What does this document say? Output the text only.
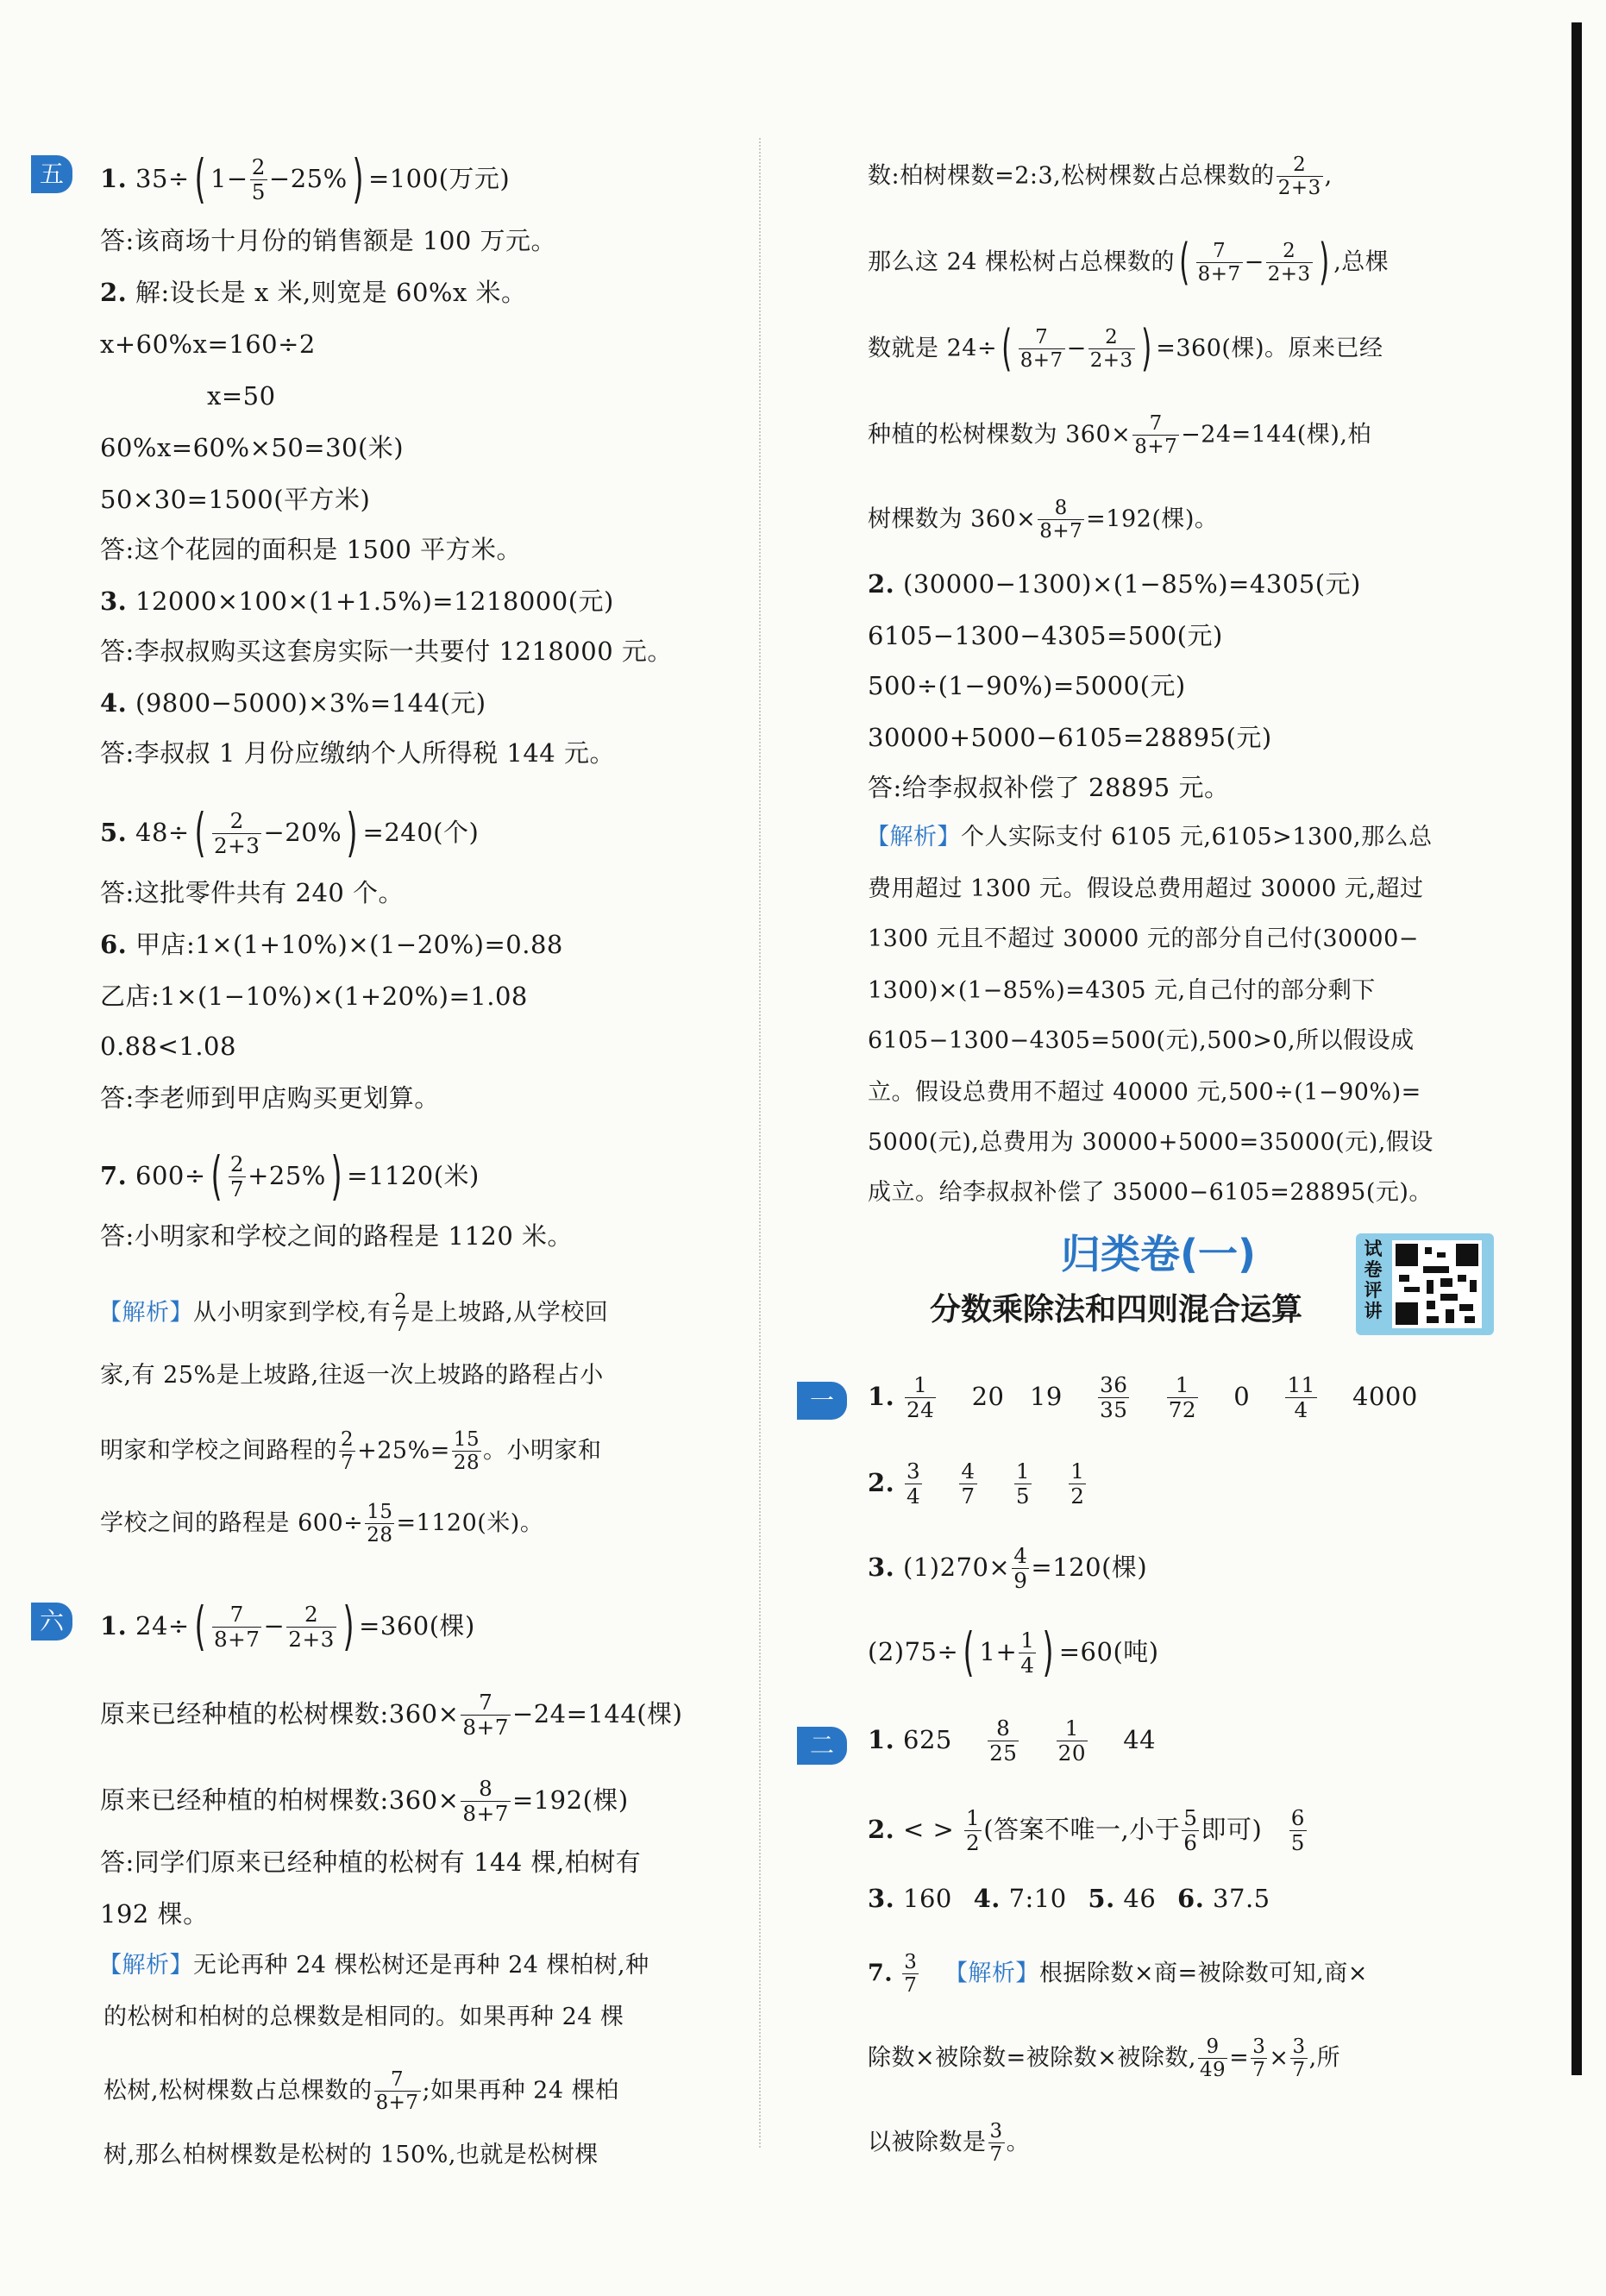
五	1. 35÷( $1- \frac{2}{5} -25\%) =100$(万元)
答:该商场十月份的销售额是 100 万元。
2. 解:设长是 x 米,则宽是 60%x 米。
x+60%x=160÷2
x=50
60%x=60%×50=30(米)
50×30=1500(平方米)
答:这个花园的面积是 1500 平方米。
3. 12000×100×(1+1.5%)=1218000(元)
答:李叔叔购买这套房实际一共要付 1218000 元。
4. (9800−5000)×3%=144(元)
答:李叔叔 1 月份应缴纳个人所得税 144 元。
5. $48\div( \frac{2}{2+3} -20\%) =240$(个)
答:这批零件共有 240 个。
6. 甲店:1×(1+10%)×(1−20%)=0.88
乙店:1×(1−10%)×(1+20%)=1.08
0.88<1.08
答:李老师到甲店购买更划算。
7. $600\div( \frac{2}{7} +25\%) =1120$(米)
答:小明家和学校之间的路程是 1120 米。
【解析】从小明家到学校,有 $\frac{2}{7}$ 是上坡路,从学校回
家,有 25%是上坡路,往返一次上坡路的路程占小
明家和学校之间路程的 $\frac{2}{7} +25\%= \frac{15}{28}$ 。小明家和
学校之间的路程是 $600\div \frac{15}{28} =1120$(米)。
六	1. $24\div( \frac{7}{8+7} - \frac{2}{2+3}$ ) =360(棵)
原来已经种植的松树棵数:360× $\frac{7}{8+7} -24=144$(棵)
原来已经种植的柏树棵数:360× $\frac{8}{8+7} =192$(棵)
答:同学们原来已经种植的松树有 144 棵,柏树有
192 棵。
【解析】无论再种 24 棵松树还是再种 24 棵柏树,种
的松树和柏树的总棵数是相同的。如果再种 24 棵
松树,松树棵数占总棵数的 $\frac{7}{8+7}$ ;如果再种 24 棵柏
树,那么柏树棵数是松树的 150%,也就是松树棵
数:柏树棵数=2:3,松树棵数占总棵数的 $\frac{2}{2+3}$ ,
那么这 24 棵松树占总棵数的( $\frac{7}{8+7} - \frac{2}{2+3}$ ) ,总棵
数就是 $24\div( \frac{7}{8+7} - \frac{2}{2+3}$ ) =360(棵)。原来已经
种植的松树棵数为 $360\times \frac{7}{8+7} -24=144$(棵),柏
树棵数为 $360\times \frac{8}{8+7} =192$(棵)。
2. (30000−1300)×(1−85%)=4305(元)
6105−1300−4305=500(元)
500÷(1−90%)=5000(元)
30000+5000−6105=28895(元)
答:给李叔叔补偿了 28895 元。
【解析】个人实际支付 6105 元,6105>1300,那么总
费用超过 1300 元。假设总费用超过 30000 元,超过
1300 元且不超过 30000 元的部分自己付(30000−
1300)×(1−85%)=4305 元,自己付的部分剩下
6105−1300−4305=500(元),500>0,所以假设成
立。假设总费用不超过 40000 元,500÷(1−90%)=
5000(元),总费用为 30000+5000=35000(元),假设
成立。给李叔叔补偿了 35000−6105=28895(元)。
归类卷(一)
分数乘除法和四则混合运算
一	1. $\frac{1}{24}$
  20  19  $\frac{36}{35}$
  $\frac{1}{72}$
  0  $\frac{11}{4}$
  4000
2. $\frac{3}{4}$
  $\frac{4}{7}$
  $\frac{1}{5}$
  $\frac{1}{2}$
3. $(1)270\times \frac{4}{9} =120$(棵)
(2)75÷( $1+ \frac{1}{4}$ ) =60(吨)
二	1. 625  $\frac{8}{25}$
  $\frac{1}{20}$
  44
2. < > $\frac{1}{2}$ (答案不唯一,小于 $\frac{5}{6}$ 即可)  $\frac{6}{5}$
3. 160  4. 7:10  5. 46  6. 37.5
7. $\frac{3}{7}$
  【解析】根据除数×商=被除数可知,商×
除数×被除数=被除数×被除数, $\frac{9}{49} = \frac{3}{7} \times \frac{3}{7}$ ,所
以被除数是 $\frac{3}{7}$ 。
试卷评讲
